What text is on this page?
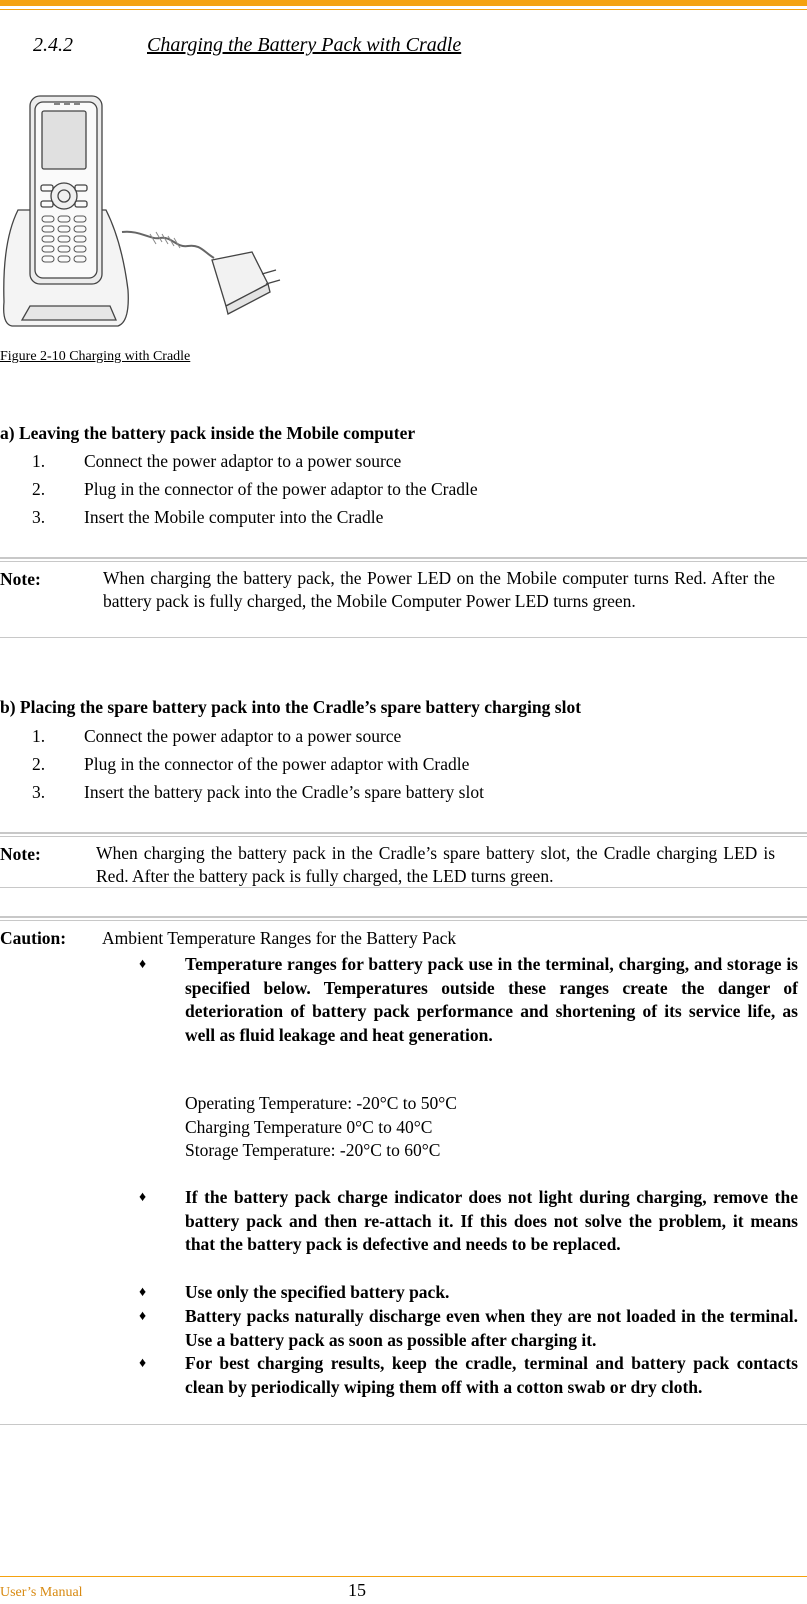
2.4.2	Charging the Battery Pack with Cradle
Figure 2-10 Charging with Cradle
a) Leaving the battery pack inside the Mobile computer
1. Connect the power adaptor to a power source
2. Plug in the connector of the power adaptor to the Cradle
3. Insert the Mobile computer into the Cradle
Note:	When charging the battery pack, the Power LED on the Mobile computer turns Red. After the battery pack is fully charged, the Mobile Computer Power LED turns green.
b) Placing the spare battery pack into the Cradle’s spare battery charging slot
1. Connect the power adaptor to a power source
2. Plug in the connector of the power adaptor with Cradle
3. Insert the battery pack into the Cradle’s spare battery slot
Note:	When charging the battery pack in the Cradle’s spare battery slot, the Cradle charging LED is Red. After the battery pack is fully charged, the LED turns green.
Caution: Ambient Temperature Ranges for the Battery Pack
♦ Temperature ranges for battery pack use in the terminal, charging, and storage is specified below. Temperatures outside these ranges create the danger of deterioration of battery pack performance and shortening of its service life, as well as fluid leakage and heat generation.
Operating Temperature: -20°C to 50°C
Charging Temperature 0°C to 40°C
Storage Temperature: -20°C to 60°C
♦ If the battery pack charge indicator does not light during charging, remove the battery pack and then re-attach it. If this does not solve the problem, it means that the battery pack is defective and needs to be replaced.
♦ Use only the specified battery pack.
♦ Battery packs naturally discharge even when they are not loaded in the terminal. Use a battery pack as soon as possible after charging it.
♦ For best charging results, keep the cradle, terminal and battery pack contacts clean by periodically wiping them off with a cotton swab or dry cloth.
User’s Manual	15
